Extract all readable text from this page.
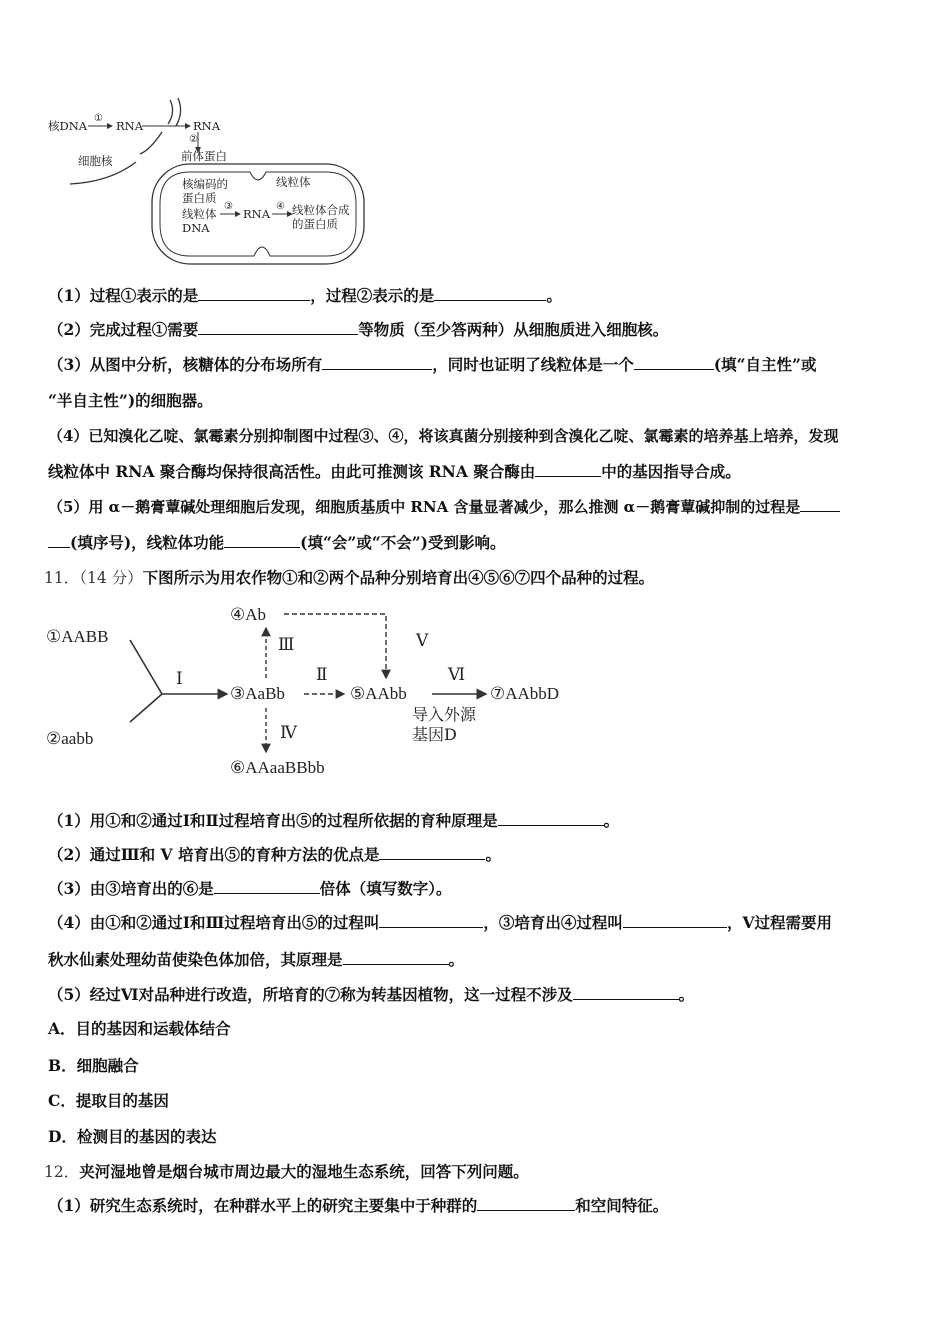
核DNA
①
RNA	RNA
②
前体蛋白
细胞核
核编码的
蛋白质
线粒体
线粒体
DNA
③
RNA
④ 线粒体合成
的蛋白质
（1）过程①表示的是	，过程②表示的是	。
（2）完成过程①需要	等物质（至少答两种）从细胞质进入细胞核。
（3）从图中分析，核糖体的分布场所有	，同时也证明了线粒体是一个	(填“自主性”或
“半自主性”)的细胞器。
（4）已知溴化乙啶、氯霉素分别抑制图中过程③、④，将该真菌分别接种到含溴化乙啶、氯霉素的培养基上培养，发现
线粒体中 RNA 聚合酶均保持很高活性。由此可推测该 RNA 聚合酶由	中的基因指导合成。
（5）用 α－鹅膏蕈碱处理细胞后发现，细胞质基质中 RNA 含量显著减少，那么推测 α－鹅膏蕈碱抑制的过程是
(填序号)，线粒体功能	(填“会”或“不会”)受到影响。
11．（14 分）下图所示为用农作物①和②两个品种分别培育出④⑤⑥⑦四个品种的过程。
①AABB
②aabb
③AaBb
④Ab
⑤AAbb
⑥AAaaBBbb
⑦AAbbD
Ⅰ	Ⅱ
Ⅲ
Ⅳ
Ⅴ
Ⅵ
导入外源
基因D
（1）用①和②通过Ⅰ和Ⅱ过程培育出⑤的过程所依据的育种原理是	。
（2）通过Ⅲ和 V 培育出⑤的育种方法的优点是	。
（3）由③培育出的⑥是	倍体（填写数字）。
（4）由①和②通过Ⅰ和Ⅲ过程培育出⑤的过程叫	，③培育出④过程叫	，Ⅴ过程需要用
秋水仙素处理幼苗使染色体加倍，其原理是	。
（5）经过Ⅵ对品种进行改造，所培育的⑦称为转基因植物，这一过程不涉及	。
A．目的基因和运载体结合
B．细胞融合
C．提取目的基因
D．检测目的基因的表达
12．夹河湿地曾是烟台城市周边最大的湿地生态系统，回答下列问题。
（1）研究生态系统时，在种群水平上的研究主要集中于种群的	和空间特征。
